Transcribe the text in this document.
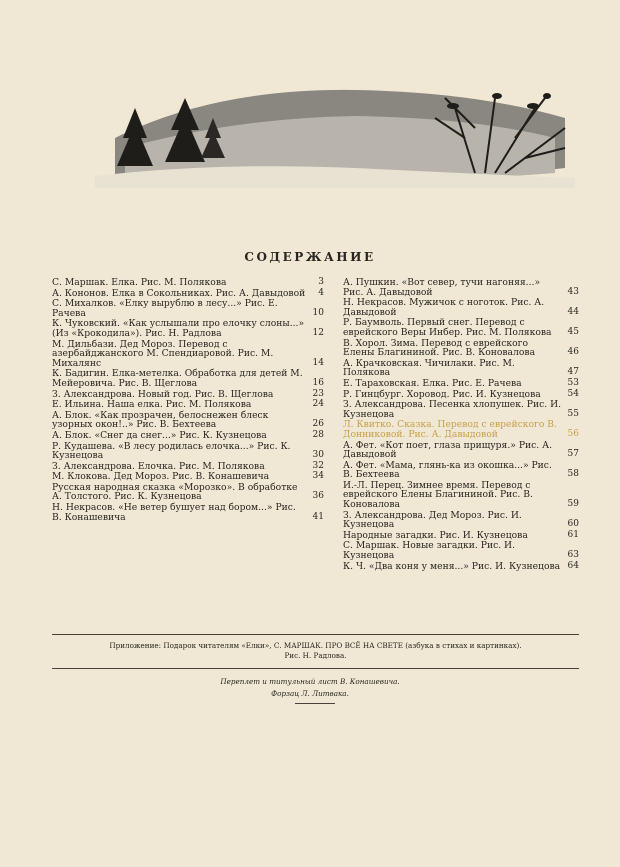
СОДЕРЖАНИЕ
С. Маршак. Елка. Рис. М. Полякова	3
А. Кононов. Елка в Сокольниках. Рис. А. Давыдовой 4
С. Михалков. «Елку вырублю в лесу...» Рис. Е. Рачева	10
К. Чуковский. «Как услышали про елочку слоны...» (Из «Крокодила»). Рис. Н. Радлова	12
М. Дильбази. Дед Мороз. Перевод с азербайджанского М. Спендиаровой. Рис. М. Михалянс	14
К. Бадигин. Елка-метелка. Обработка для детей М. Мейеровича. Рис. В. Щеглова	16
З. Александрова. Новый год. Рис. В. Щеглова	23
Е. Ильина. Наша елка. Рис. М. Полякова	24
А. Блок. «Как прозрачен, белоснежен блеск узорных окон!..» Рис. В. Бехтеева	26
А. Блок. «Снег да снег...» Рис. К. Кузнецова	28
Р. Кудашева. «В лесу родилась елочка...» Рис. К. Кузнецова	30
З. Александрова. Елочка. Рис. М. Полякова	32
М. Клокова. Дед Мороз. Рис. В. Конашевича	34
Русская народная сказка «Морозко». В обработке А. Толстого. Рис. К. Кузнецова	36
Н. Некрасов. «Не ветер бушует над бором...» Рис. В. Конашевича	41
А. Пушкин. «Вот север, тучи нагоняя...» Рис. А. Давыдовой	43
Н. Некрасов. Мужичок с ноготок. Рис. А. Давыдовой	44
Р. Баумволь. Первый снег. Перевод с еврейского Веры Инбер. Рис. М. Полякова	45
В. Хорол. Зима. Перевод с еврейского Елены Благининой. Рис. В. Коновалова	46
А. Крачковская. Чичилаки. Рис. М. Полякова	47
Е. Тараховская. Елка. Рис. Е. Рачева	53
Р. Гинцбург. Хоровод. Рис. И. Кузнецова	54
З. Александрова. Песенка хлопушек. Рис. И. Кузнецова	55
Л. Квитко. Сказка. Перевод с еврейского В. Донниковой. Рис. А. Давыдовой	56
А. Фет. «Кот поет, глаза прищуря.» Рис. А. Давыдовой	57
А. Фет. «Мама, глянь-ка из окошка...» Рис. В. Бехтеева	58
И.-Л. Перец. Зимнее время. Перевод с еврейского Елены Благининой. Рис. В. Коновалова	59
З. Александрова. Дед Мороз. Рис. И. Кузнецова	60
Народные загадки. Рис. И. Кузнецова	61
С. Маршак. Новые загадки. Рис. И. Кузнецова	63
К. Ч. «Два коня у меня...» Рис. И. Кузнецова 64
Приложение: Подарок читателям «Елки», С. МАРШАК. ПРО ВСЁ НА СВЕТЕ (азбука в стихах и картинках).
Рис. Н. Радлова.
Переплет и титульный лист В. Конашевича.
Форзац Л. Литвака.
